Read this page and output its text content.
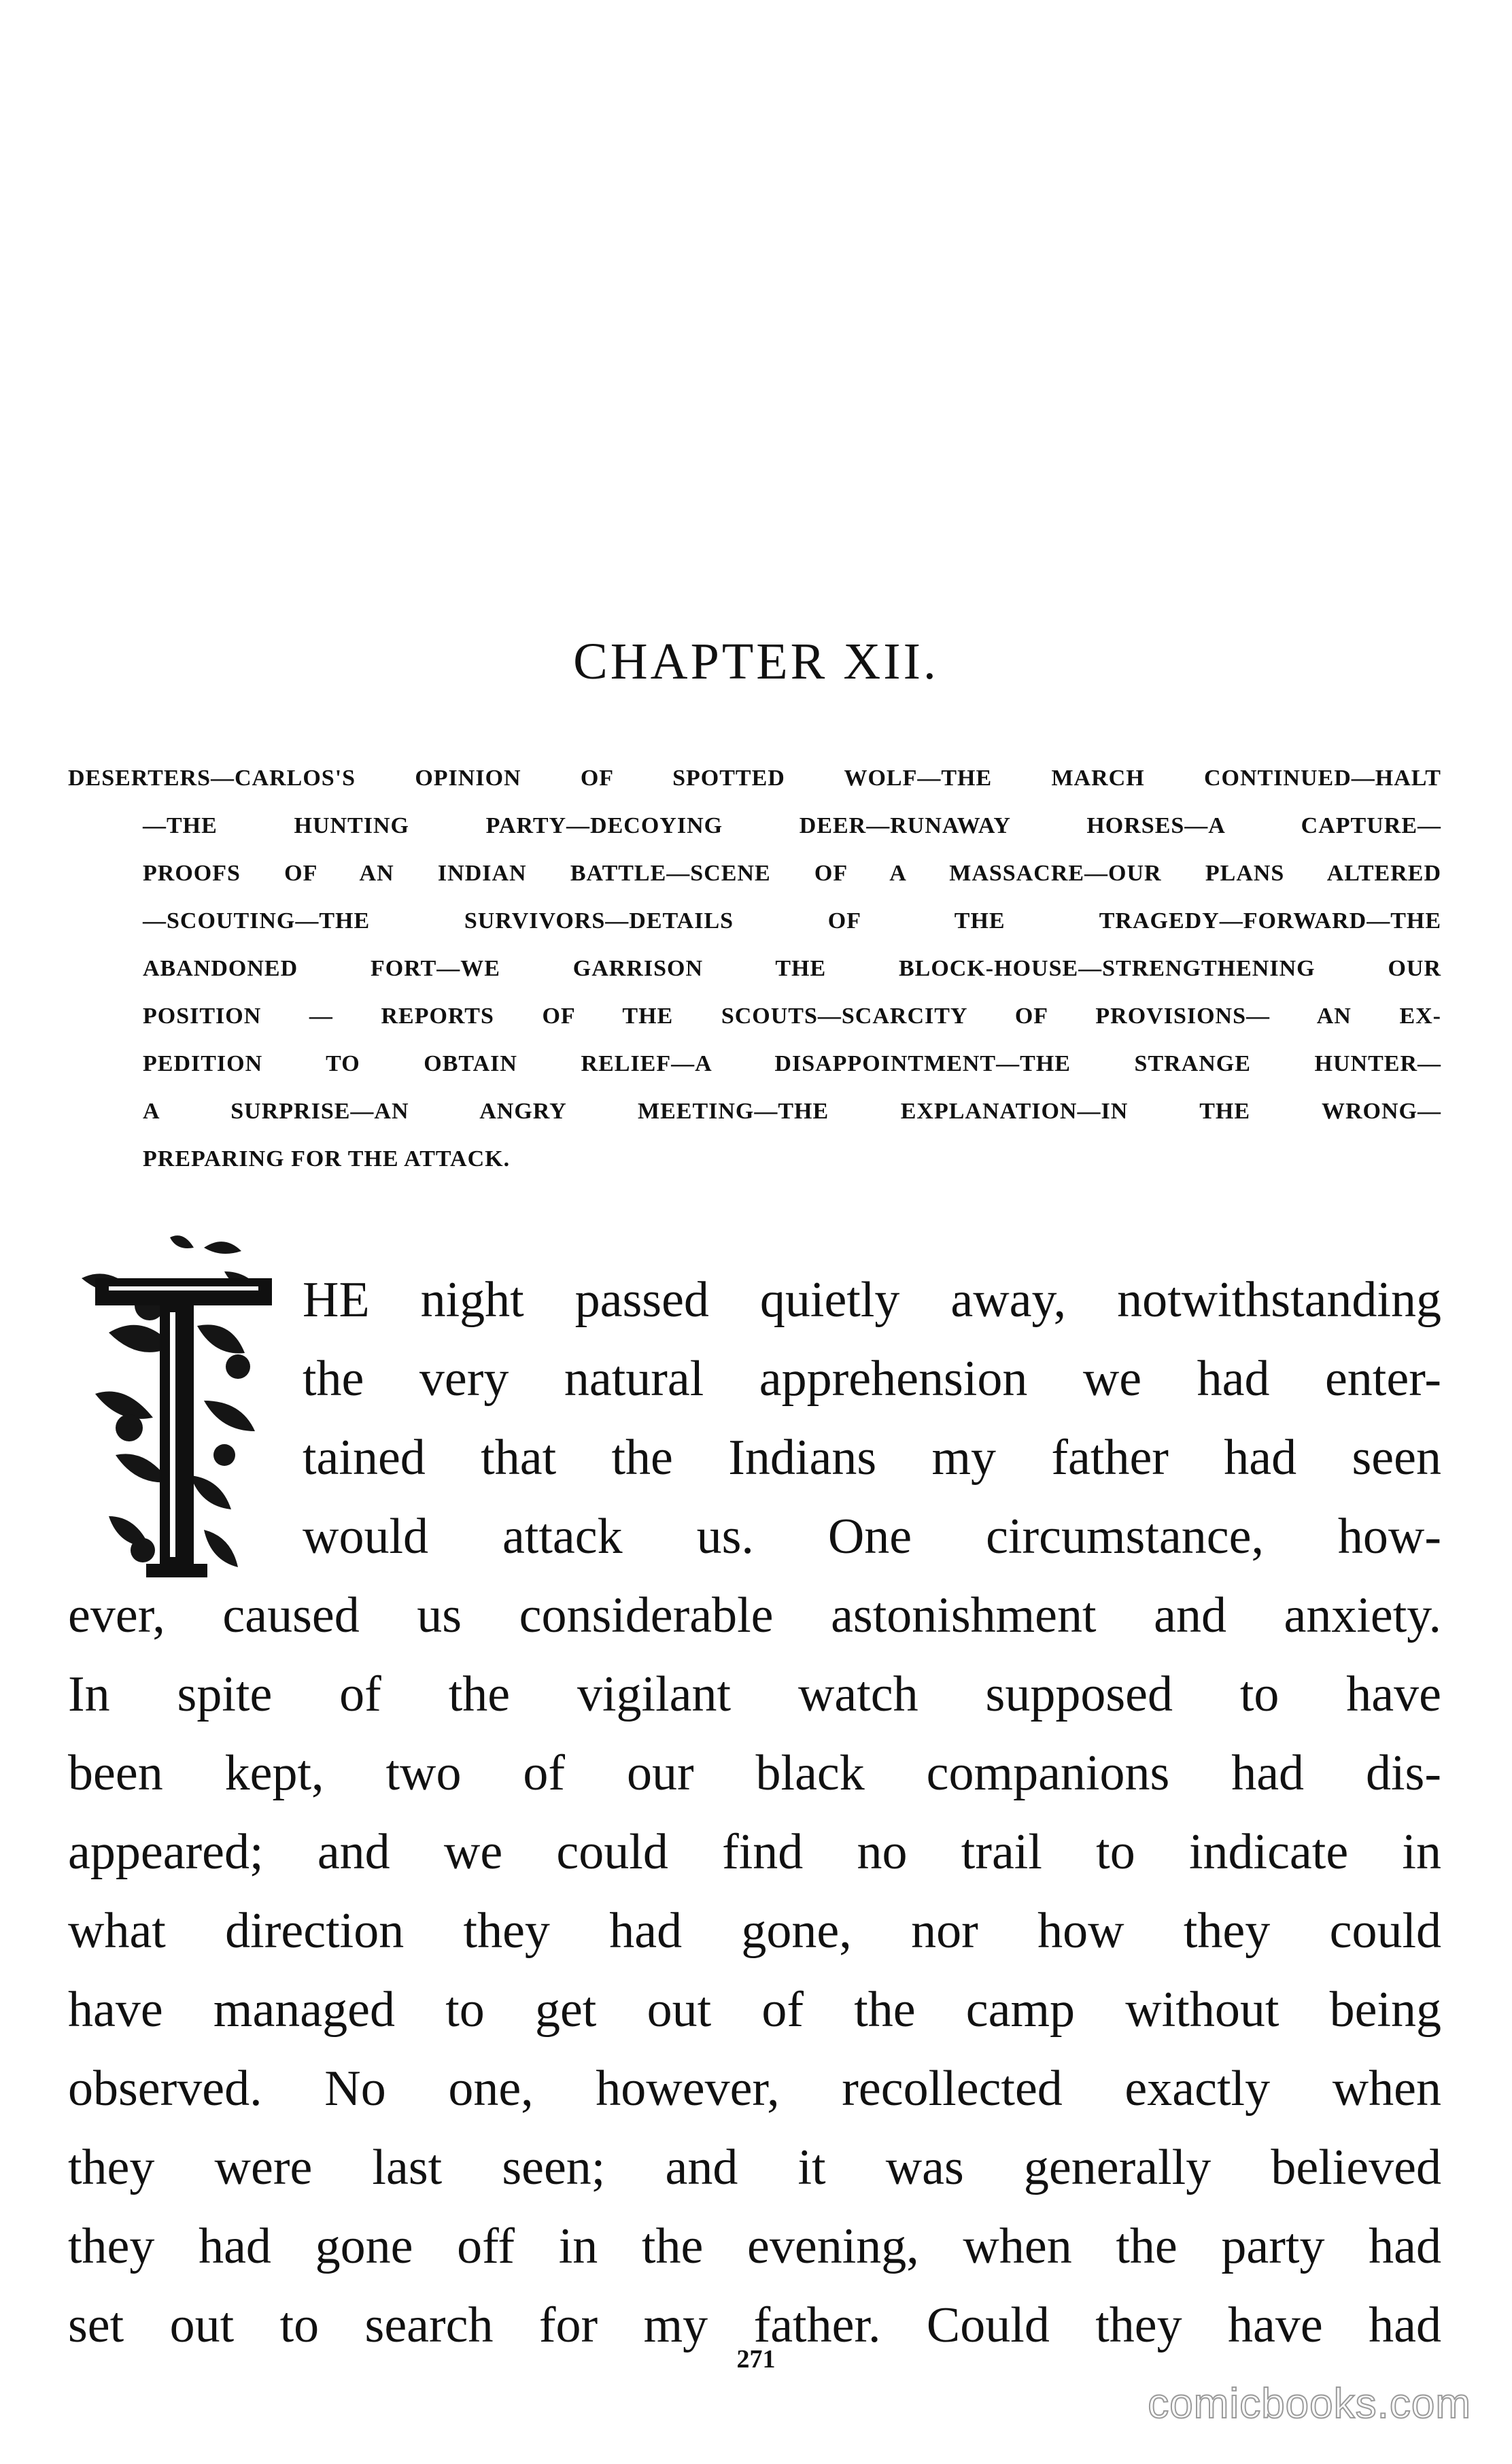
CHAPTER XII.
DESERTERS—CARLOS'S OPINION OF SPOTTED WOLF—THE MARCH CONTINUED—HALT
—THE HUNTING PARTY—DECOYING DEER—RUNAWAY HORSES—A CAPTURE—
PROOFS OF AN INDIAN BATTLE—SCENE OF A MASSACRE—OUR PLANS ALTERED
—SCOUTING—THE SURVIVORS—DETAILS OF THE TRAGEDY—FORWARD—THE
ABANDONED FORT—WE GARRISON THE BLOCK-HOUSE—STRENGTHENING OUR
POSITION — REPORTS OF THE SCOUTS—SCARCITY OF PROVISIONS— AN EX-
PEDITION TO OBTAIN RELIEF—A DISAPPOINTMENT—THE STRANGE HUNTER—
A SURPRISE—AN ANGRY MEETING—THE EXPLANATION—IN THE WRONG—
PREPARING FOR THE ATTACK.
HE night passed quietly away, notwithstanding
the very natural apprehension we had enter-
tained that the Indians my father had seen
would attack us. One circumstance, how-
ever, caused us considerable astonishment and anxiety.
In spite of the vigilant watch supposed to have
been kept, two of our black companions had dis-
appeared; and we could find no trail to indicate in
what direction they had gone, nor how they could
have managed to get out of the camp without being
observed. No one, however, recollected exactly when
they were last seen; and it was generally believed
they had gone off in the evening, when the party had
set out to search for my father. Could they have had
271
comicbooks.com
